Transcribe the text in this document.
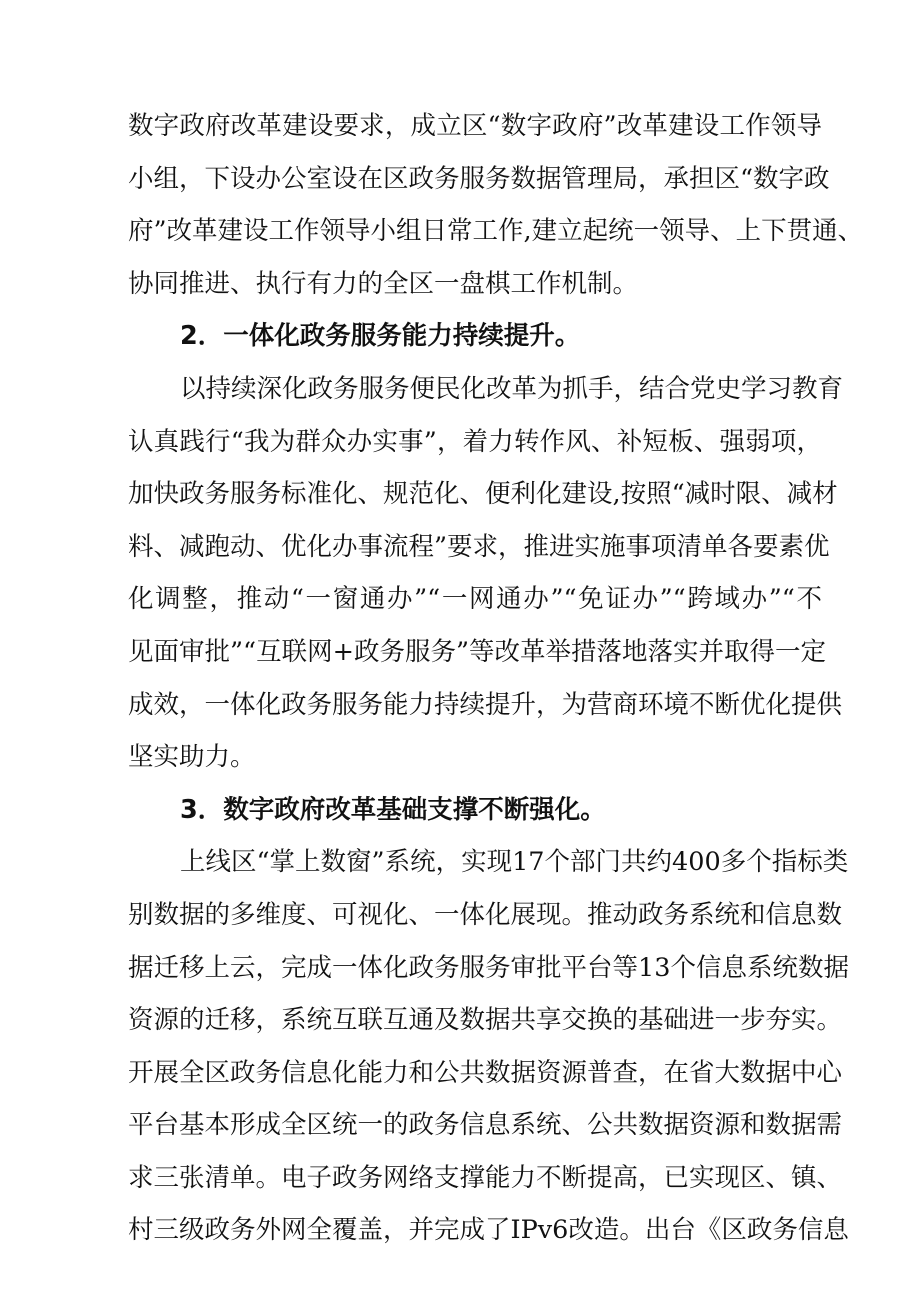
数字政府改革建设要求，成立区“数字政府”改革建设工作领导
小组，下设办公室设在区政务服务数据管理局，承担区“数字政
府”改革建设工作领导小组日常工作,建立起统一领导、上下贯通、
协同推进、执行有力的全区一盘棋工作机制。
2．一体化政务服务能力持续提升。
以持续深化政务服务便民化改革为抓手，结合党史学习教育
认真践行“我为群众办实事”，着力转作风、补短板、强弱项，
加快政务服务标准化、规范化、便利化建设,按照“减时限、减材
料、减跑动、优化办事流程”要求，推进实施事项清单各要素优
化调整，推动“一窗通办”“一网通办”“免证办”“跨域办”“不
见面审批”“互联网+政务服务”等改革举措落地落实并取得一定
成效，一体化政务服务能力持续提升，为营商环境不断优化提供
坚实助力。
3．数字政府改革基础支撑不断强化。
上线区“掌上数窗”系统，实现17个部门共约400多个指标类
别数据的多维度、可视化、一体化展现。推动政务系统和信息数
据迁移上云，完成一体化政务服务审批平台等13个信息系统数据
资源的迁移，系统互联互通及数据共享交换的基础进一步夯实。
开展全区政务信息化能力和公共数据资源普查，在省大数据中心
平台基本形成全区统一的政务信息系统、公共数据资源和数据需
求三张清单。电子政务网络支撑能力不断提高，已实现区、镇、
村三级政务外网全覆盖，并完成了IPv6改造。出台《区政务信息
